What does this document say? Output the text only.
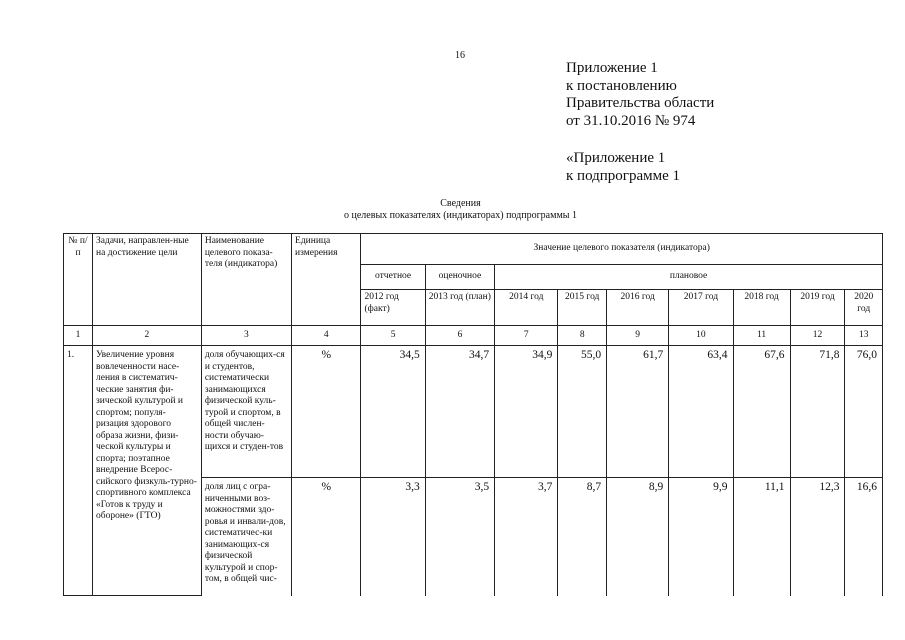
16
Приложение 1
к постановлению
Правительства области
от 31.10.2016 № 974
«Приложение 1
к подпрограмме 1
Сведения
о целевых показателях (индикаторах) подпрограммы 1
№ п/п	Задачи, направлен-ные на достижение цели	Наименование целевого показа-теля (индикатора)	Единица измерения	Значение целевого показателя (индикатора)								
				отчетное	оценочное	плановое						
				2012 год (факт)	2013 год (план)	2014 год	2015 год	2016 год	2017 год	2018 год	2019 год	2020 год
1	2	3	4	5	6	7	8	9	10	11	12	13
1.	Увеличение уровня вовлеченности насе-ления в систематич-ческие занятия фи-зической культурой и спортом; популя-ризация здорового образа жизни, физи-ческой культуры и спорта; поэтапное внедрение Всерос-сийского физкуль-турно-спортивного комплекса «Готов к труду и обороне» (ГТО)	доля обучающих-ся и студентов, систематически занимающихся физической куль-турой и спортом, в общей числен-ности обучаю-щихся и студен-тов	%	34,5	34,7	34,9	55,0	61,7	63,4	67,6	71,8	76,0
		доля лиц с огра-ниченными воз-можностями здо-ровья и инвали-дов, систематичес-ки занимающих-ся физической культурой и спор-том, в общей чис-	%	3,3	3,5	3,7	8,7	8,9	9,9	11,1	12,3	16,6
